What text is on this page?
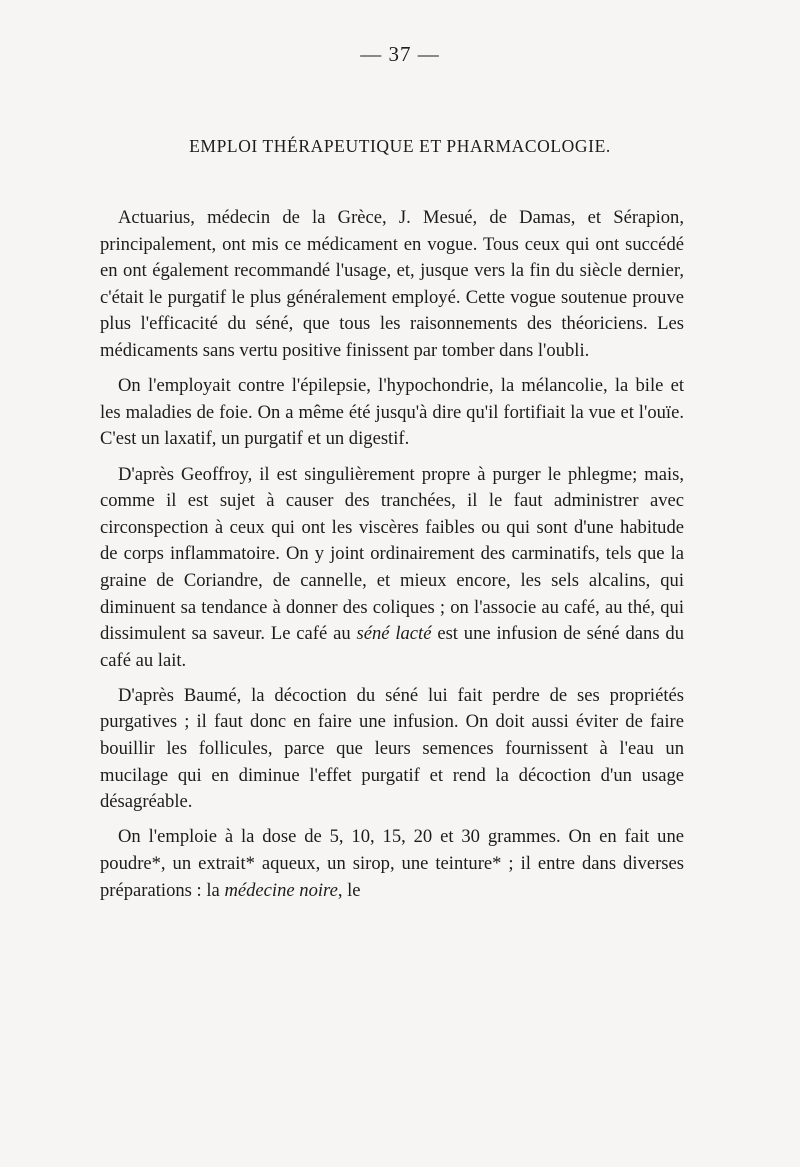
— 37 —
EMPLOI THÉRAPEUTIQUE ET PHARMACOLOGIE.

Actuarius, médecin de la Grèce, J. Mesué, de Damas, et Sérapion, principalement, ont mis ce médicament en vogue. Tous ceux qui ont succédé en ont également recommandé l'usage, et, jusque vers la fin du siècle dernier, c'était le purgatif le plus généralement employé. Cette vogue soutenue prouve plus l'efficacité du séné, que tous les raisonnements des théoriciens. Les médicaments sans vertu positive finissent par tomber dans l'oubli.

On l'employait contre l'épilepsie, l'hypochondrie, la mélancolie, la bile et les maladies de foie. On a même été jusqu'à dire qu'il fortifiait la vue et l'ouïe. C'est un laxatif, un purgatif et un digestif.

D'après Geoffroy, il est singulièrement propre à purger le phlegme; mais, comme il est sujet à causer des tranchées, il le faut administrer avec circonspection à ceux qui ont les viscères faibles ou qui sont d'une habitude de corps inflammatoire. On y joint ordinairement des carminatifs, tels que la graine de Coriandre, de cannelle, et mieux encore, les sels alcalins, qui diminuent sa tendance à donner des coliques ; on l'associe au café, au thé, qui dissimulent sa saveur. Le café au séné lacté est une infusion de séné dans du café au lait.

D'après Baumé, la décoction du séné lui fait perdre de ses propriétés purgatives ; il faut donc en faire une infusion. On doit aussi éviter de faire bouillir les follicules, parce que leurs semences fournissent à l'eau un mucilage qui en diminue l'effet purgatif et rend la décoction d'un usage désagréable.

On l'emploie à la dose de 5, 10, 15, 20 et 30 grammes. On en fait une poudre*, un extrait* aqueux, un sirop, une teinture* ; il entre dans diverses préparations : la médecine noire, le
